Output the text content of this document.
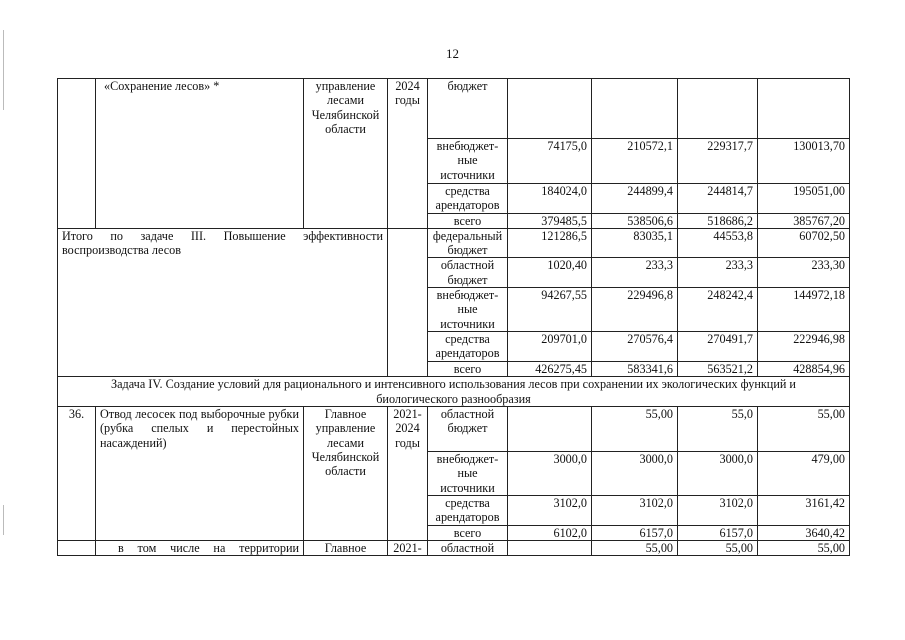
12
	«Сохранение лесов» *	управление лесами Челябинской области	2024 годы	бюджет				
				внебюджет-ные источники	74175,0	210572,1	229317,7	130013,70
				средства арендаторов	184024,0	244899,4	244814,7	195051,00
				всего	379485,5	538506,6	518686,2	385767,20
Итого по задаче III. Повышение эффективности воспроизводства лесов				федеральный бюджет	121286,5	83035,1	44553,8	60702,50
				областной бюджет	1020,40	233,3	233,3	233,30
				внебюджет-ные источники	94267,55	229496,8	248242,4	144972,18
				средства арендаторов	209701,0	270576,4	270491,7	222946,98
				всего	426275,45	583341,6	563521,2	428854,96
Задача IV. Создание условий для рационального и интенсивного использования лесов при сохранении их экологических функций и биологического разнообразия								
36.	Отвод лесосек под выборочные рубки (рубка спелых и перестойных насаждений)	Главное управление лесами Челябинской области	2021-2024 годы	областной бюджет		55,00	55,0	55,00
				внебюджет-ные источники	3000,0	3000,0	3000,0	479,00
				средства арендаторов	3102,0	3102,0	3102,0	3161,42
				всего	6102,0	6157,0	6157,0	3640,42
	в том числе на территории	Главное	2021-	областной		55,00	55,00	55,00
